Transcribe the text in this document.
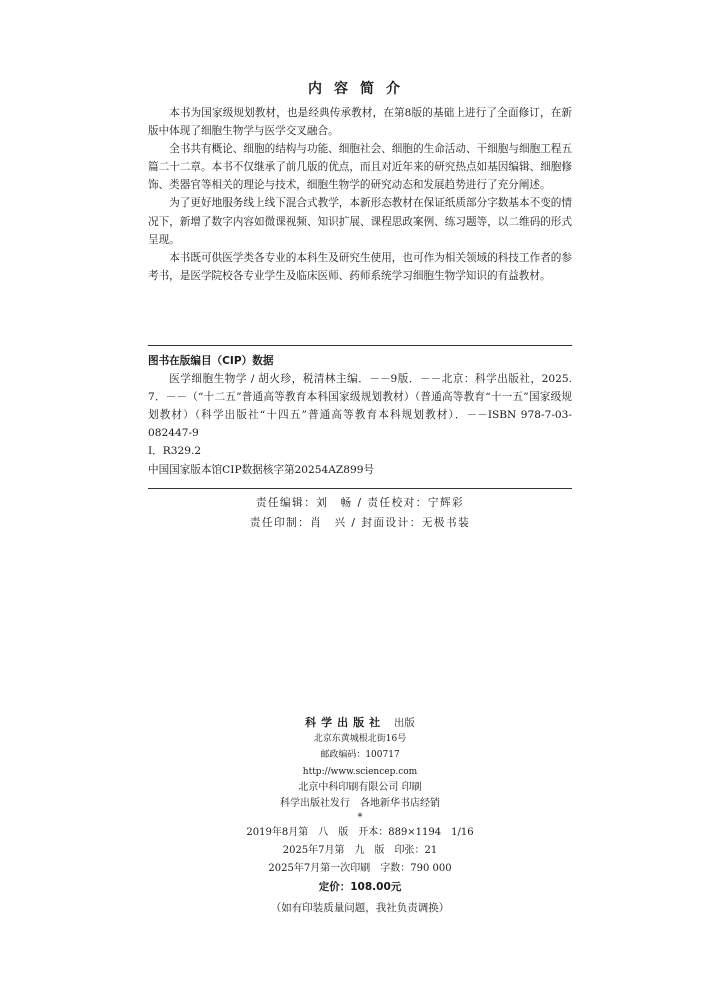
内容简介

本书为国家级规划教材，也是经典传承教材，在第8版的基础上进行了全面修订，在新版中体现了细胞生物学与医学交叉融合。

全书共有概论、细胞的结构与功能、细胞社会、细胞的生命活动、干细胞与细胞工程五篇二十二章。本书不仅继承了前几版的优点，而且对近年来的研究热点如基因编辑、细胞修饰、类器官等相关的理论与技术，细胞生物学的研究动态和发展趋势进行了充分阐述。

为了更好地服务线上线下混合式教学，本新形态教材在保证纸质部分字数基本不变的情况下，新增了数字内容如微课视频、知识扩展、课程思政案例、练习题等，以二维码的形式呈现。

本书既可供医学类各专业的本科生及研究生使用，也可作为相关领域的科技工作者的参考书，是医学院校各专业学生及临床医师、药师系统学习细胞生物学知识的有益教材。

图书在版编目（CIP）数据

医学细胞生物学 / 胡火珍，税清林主编．－－9版．－－北京：科学出版社，2025. 7．－－（“十二五”普通高等教育本科国家级规划教材）（普通高等教育“十一五”国家级规划教材）（科学出版社“十四五”普通高等教育本科规划教材）．－－ISBN 978-7-03-082447-9

Ⅰ．R329.2

中国国家版本馆CIP数据核字第20254AZ899号

责任编辑：刘　畅 / 责任校对：宁辉彩
责任印制：肖　兴 / 封面设计：无极书装
科学出版社 出版
北京东黄城根北街16号
邮政编码：100717
http://www.sciencep.com
北京中科印刷有限公司 印刷
科学出版社发行　各地新华书店经销
*
2019年8月第　八　版　开本：889×1194　1/16
2025年7月第　九　版　印张：21
2025年7月第一次印刷　字数：790 000
定价：108.00元
（如有印装质量问题，我社负责调换）
